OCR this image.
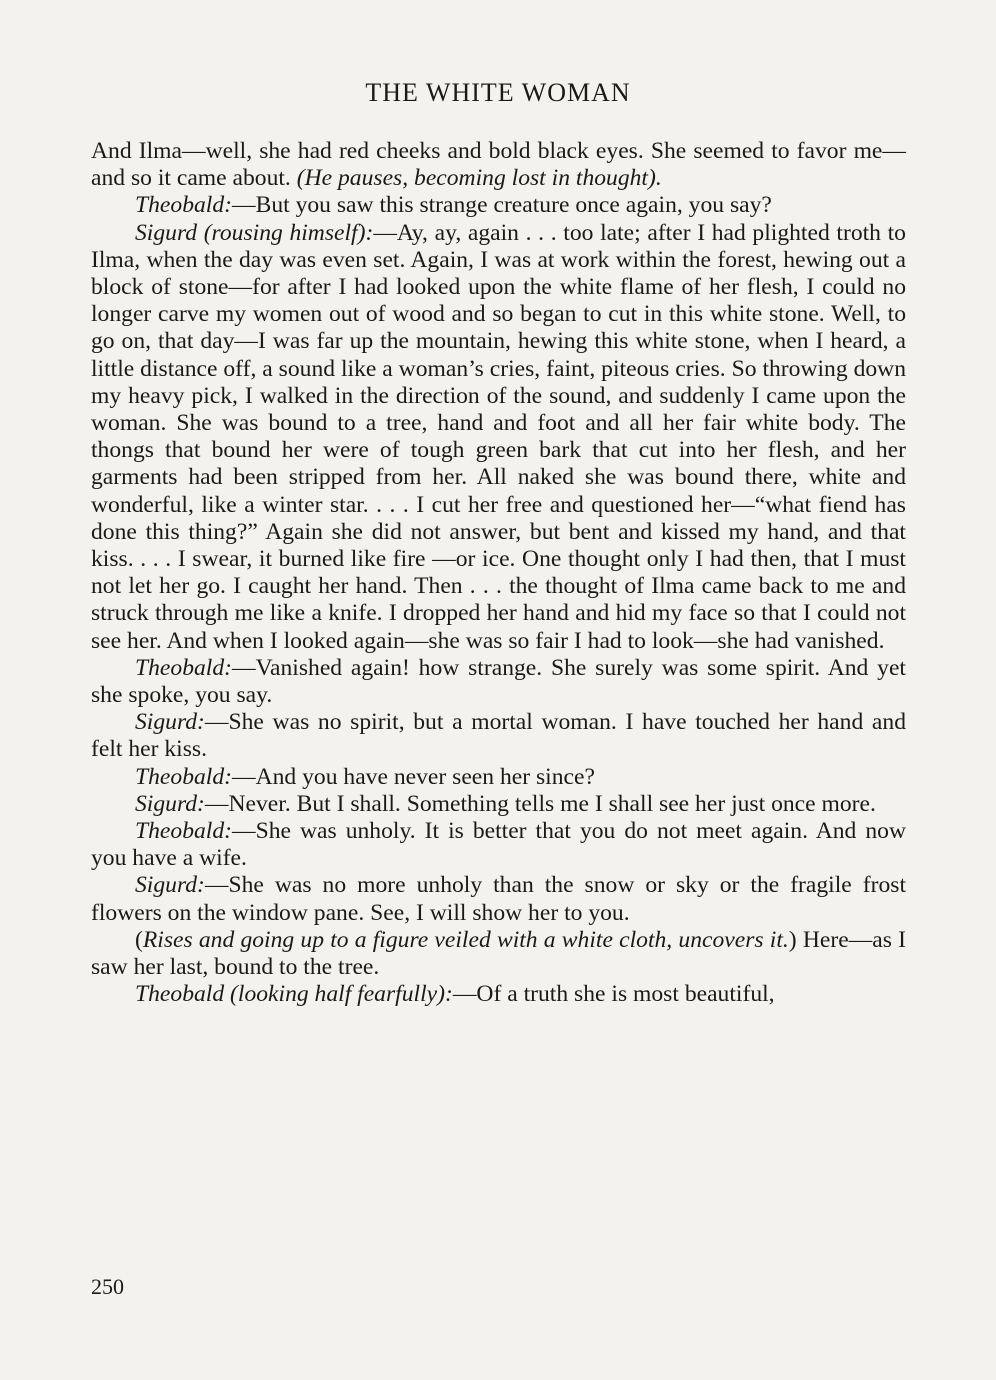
THE WHITE WOMAN

And Ilma—well, she had red cheeks and bold black eyes. She seemed to favor me—and so it came about. (He pauses, becoming lost in thought).

Theobald:—But you saw this strange creature once again, you say?

Sigurd (rousing himself):—Ay, ay, again . . . too late; after I had plighted troth to Ilma, when the day was even set. Again, I was at work within the forest, hewing out a block of stone—for after I had looked upon the white flame of her flesh, I could no longer carve my women out of wood and so began to cut in this white stone. Well, to go on, that day—I was far up the mountain, hewing this white stone, when I heard, a little distance off, a sound like a woman’s cries, faint, piteous cries. So throwing down my heavy pick, I walked in the direction of the sound, and suddenly I came upon the woman. She was bound to a tree, hand and foot and all her fair white body. The thongs that bound her were of tough green bark that cut into her flesh, and her garments had been stripped from her. All naked she was bound there, white and wonderful, like a winter star. . . . I cut her free and questioned her—“what fiend has done this thing?” Again she did not answer, but bent and kissed my hand, and that kiss. . . . I swear, it burned like fire —or ice. One thought only I had then, that I must not let her go. I caught her hand. Then . . . the thought of Ilma came back to me and struck through me like a knife. I dropped her hand and hid my face so that I could not see her. And when I looked again—she was so fair I had to look—she had vanished.

Theobald:—Vanished again! how strange. She surely was some spirit. And yet she spoke, you say.

Sigurd:—She was no spirit, but a mortal woman. I have touched her hand and felt her kiss.

Theobald:—And you have never seen her since?

Sigurd:—Never. But I shall. Something tells me I shall see her just once more.

Theobald:—She was unholy. It is better that you do not meet again. And now you have a wife.

Sigurd:—She was no more unholy than the snow or sky or the fragile frost flowers on the window pane. See, I will show her to you.

(Rises and going up to a figure veiled with a white cloth, uncovers it.) Here—as I saw her last, bound to the tree.

Theobald (looking half fearfully):—Of a truth she is most beautiful,

250
